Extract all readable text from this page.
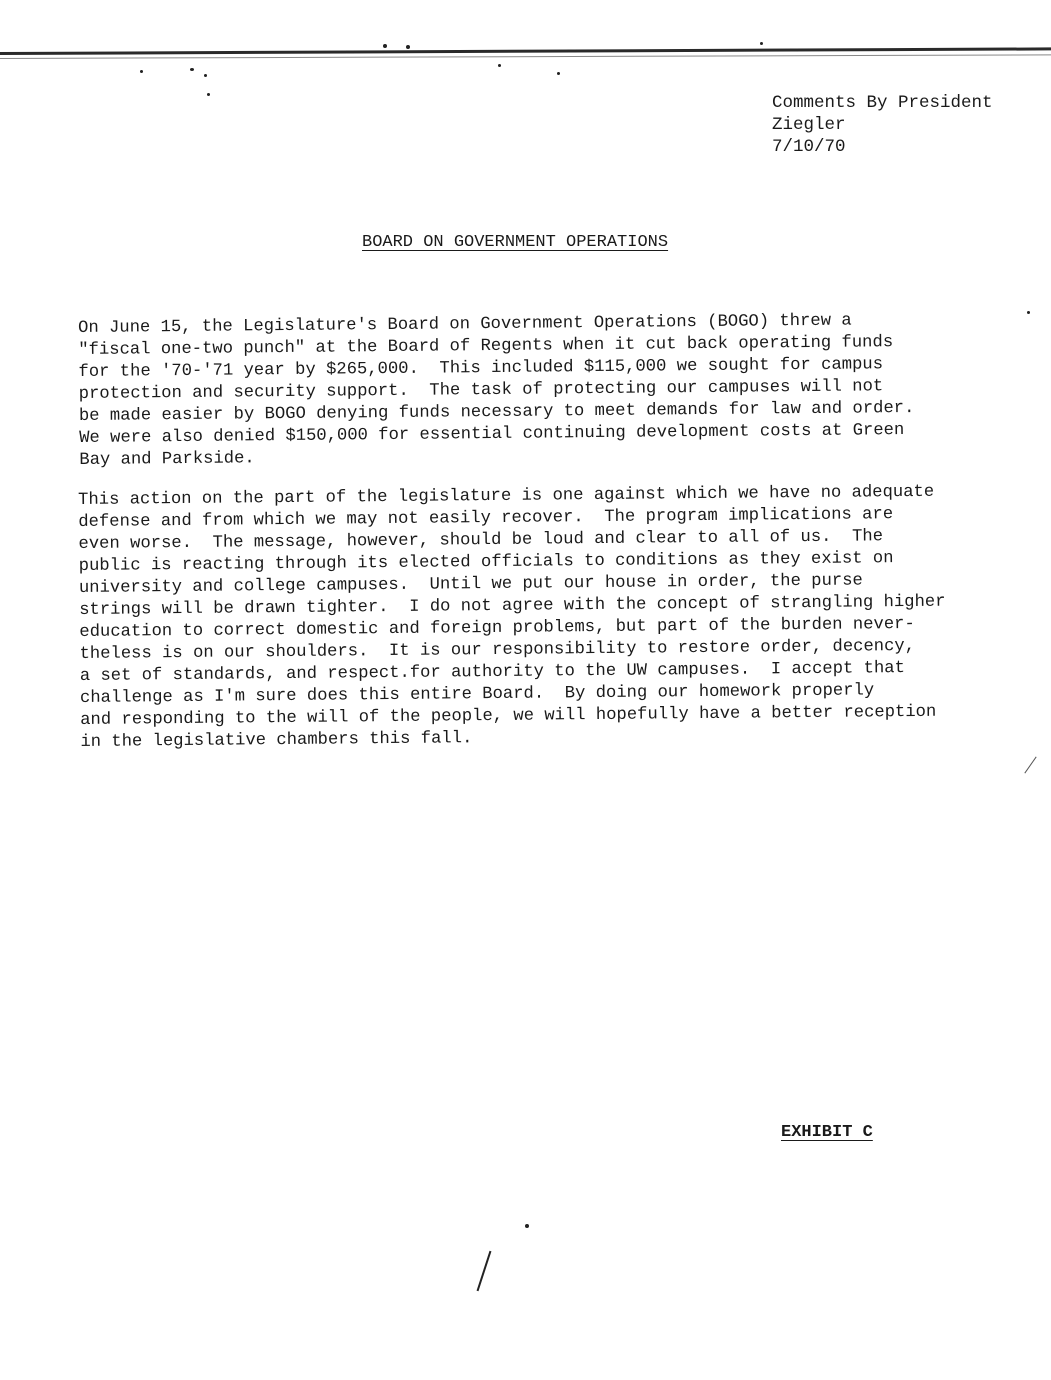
Comments By President
Ziegler
7/10/70
BOARD ON GOVERNMENT OPERATIONS

On June 15, the Legislature's Board on Government Operations (BOGO) threw a
"fiscal one-two punch" at the Board of Regents when it cut back operating funds
for the '70-'71 year by $265,000.  This included $115,000 we sought for campus
protection and security support.  The task of protecting our campuses will not
be made easier by BOGO denying funds necessary to meet demands for law and order.
We were also denied $150,000 for essential continuing development costs at Green
Bay and Parkside.

This action on the part of the legislature is one against which we have no adequate
defense and from which we may not easily recover.  The program implications are
even worse.  The message, however, should be loud and clear to all of us.  The
public is reacting through its elected officials to conditions as they exist on
university and college campuses.  Until we put our house in order, the purse
strings will be drawn tighter.  I do not agree with the concept of strangling higher
education to correct domestic and foreign problems, but part of the burden never-
theless is on our shoulders.  It is our responsibility to restore order, decency,
a set of standards, and respect.for authority to the UW campuses.  I accept that
challenge as I'm sure does this entire Board.  By doing our homework properly
and responding to the will of the people, we will hopefully have a better reception
in the legislative chambers this fall.

EXHIBIT C
